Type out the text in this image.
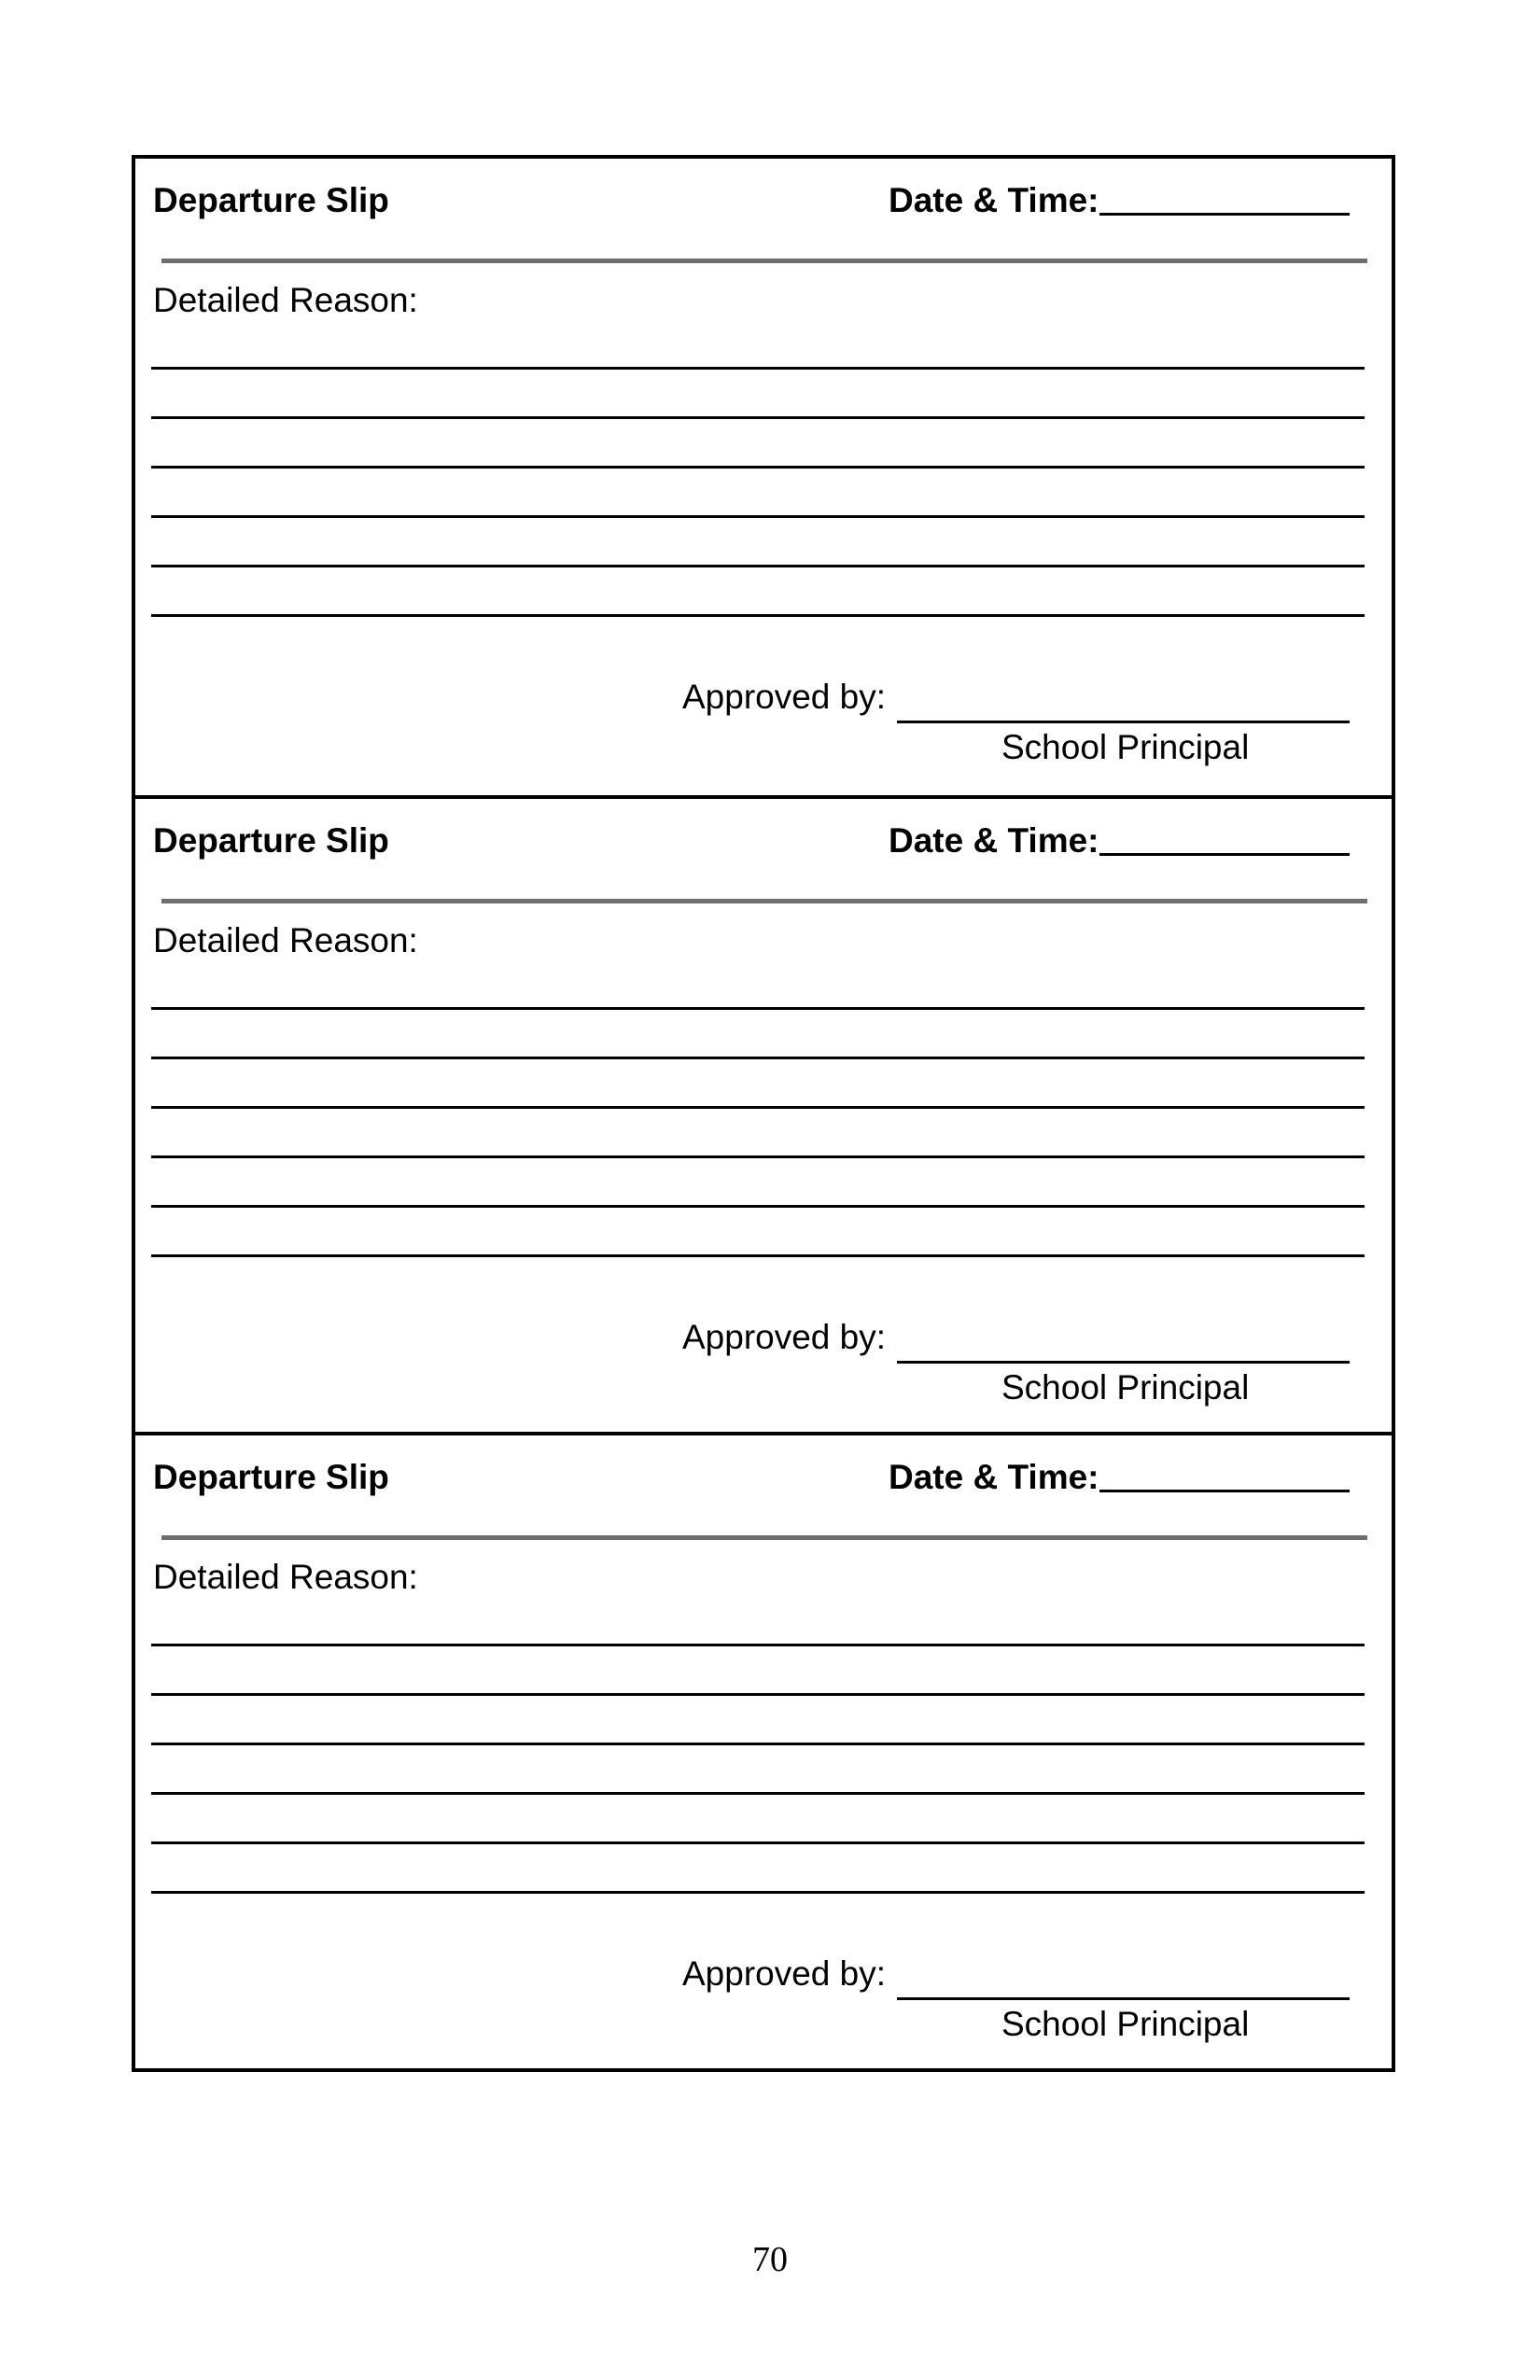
Departure Slip	Date & Time:
Detailed Reason:
Approved by:
School Principal
Departure Slip	Date & Time:
Detailed Reason:
Approved by:
School Principal
Departure Slip	Date & Time:
Detailed Reason:
Approved by:
School Principal
70
